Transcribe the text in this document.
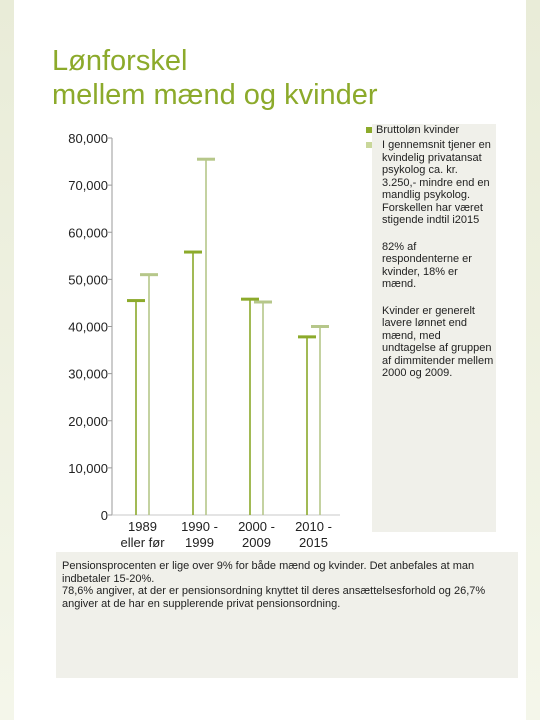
Lønforskel
mellem mænd og kvinder
0
10,000
20,000
30,000
40,000
50,000
60,000
70,000
80,000
1989
eller før
1990 -
1999
2000 -
2009
2010 -
2015
Bruttoløn kvinder

I gennemsnit tjener en kvindelig privatansat psykolog ca. kr. 3.250,- mindre end en mandlig psykolog. Forskellen har været stigende indtil i2015

82% af respondenterne er kvinder, 18% er mænd.

Kvinder er generelt lavere lønnet end mænd, med undtagelse af gruppen af dimmitender mellem 2000 og 2009.

Pensionsprocenten er lige over 9% for både mænd og kvinder. Det anbefales at man indbetaler 15-20%.

78,6% angiver, at der er pensionsordning knyttet til deres ansættelsesforhold og 26,7% angiver at de har en supplerende privat pensionsordning.
